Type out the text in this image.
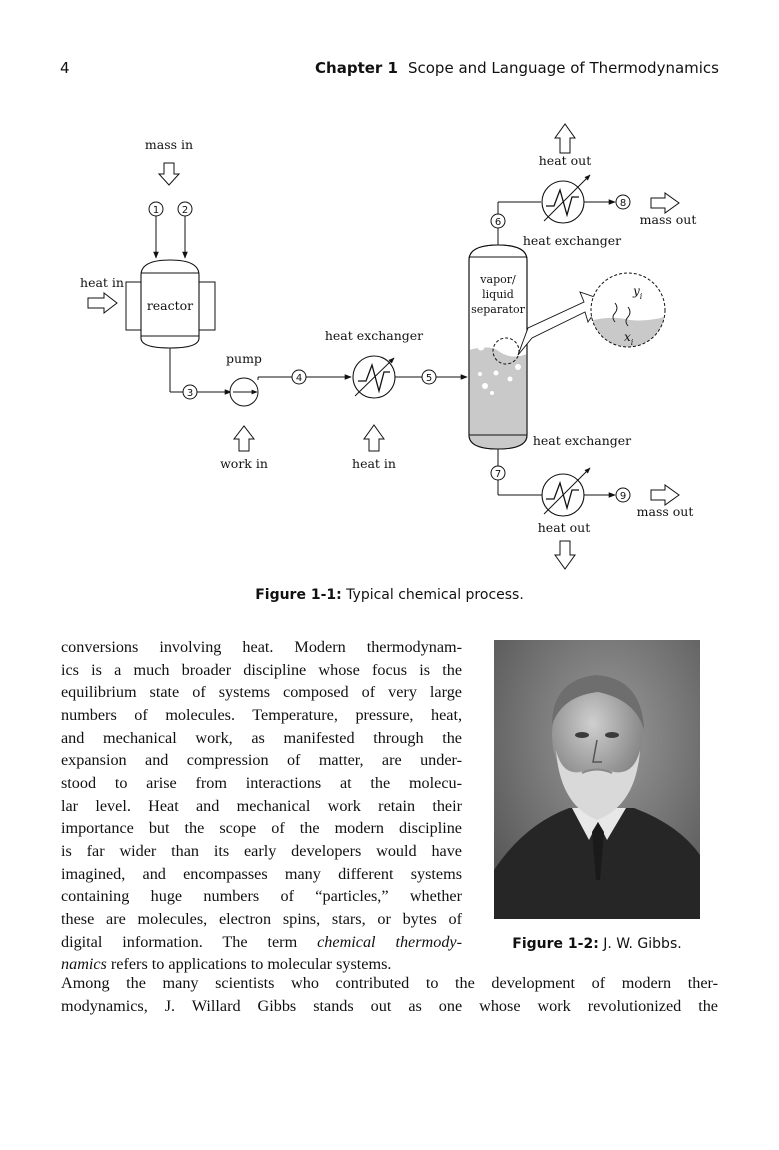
4	Chapter 1 Scope and Language of Thermodynamics
mass in
1 2
reactor
heat in
3
pump
work in
4
heat exchanger
heat in
5
vapor/
liquid
separator
$y_i$
$x_i$
6
heat exchanger
heat out
8
mass out
heat exchanger
7
9
mass out
heat out
Figure 1-1: Typical chemical process.
conversions involving heat. Modern thermodynam-
ics is a much broader discipline whose focus is the
equilibrium state of systems composed of very large
numbers of molecules. Temperature, pressure, heat,
and mechanical work, as manifested through the
expansion and compression of matter, are under-
stood to arise from interactions at the molecu-
lar level. Heat and mechanical work retain their
importance but the scope of the modern discipline
is far wider than its early developers would have
imagined, and encompasses many different systems
containing huge numbers of “particles,” whether
these are molecules, electron spins, stars, or bytes of
digital information. The term chemical thermody-
namics refers to applications to molecular systems.
Among the many scientists who contributed to the development of modern ther-
modynamics, J. Willard Gibbs stands out as one whose work revolutionized the
Figure 1-2: J. W. Gibbs.
